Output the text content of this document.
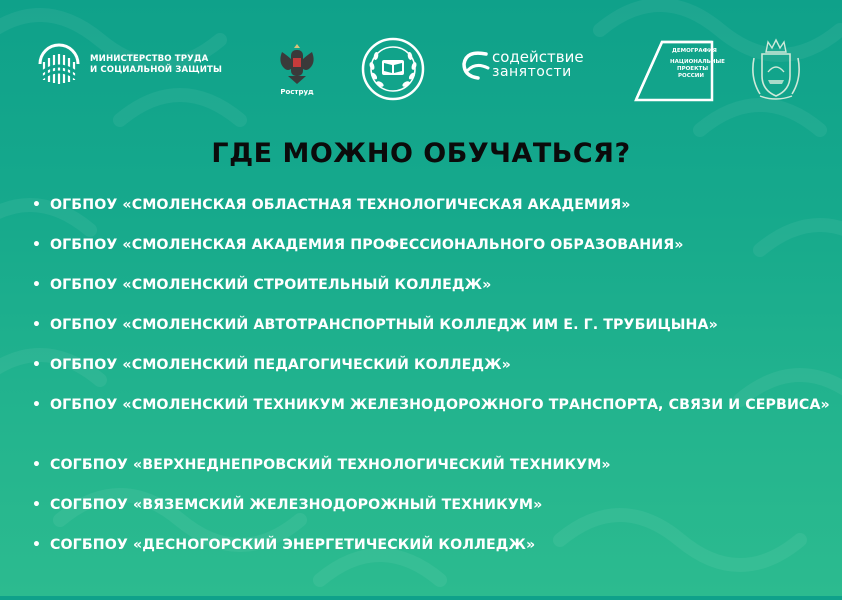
МИНИСТЕРСТВО ТРУДА
И СОЦИАЛЬНОЙ ЗАЩИТЫ
Роструд
содействие
занятости
ДЕМОГРАФИЯ
НАЦИОНАЛЬНЫЕ
ПРОЕКТЫ
РОССИИ
ГДЕ МОЖНО ОБУЧАТЬСЯ?
• ОГБПОУ «СМОЛЕНСКАЯ ОБЛАСТНАЯ ТЕХНОЛОГИЧЕСКАЯ АКАДЕМИЯ»
• ОГБПОУ «СМОЛЕНСКАЯ АКАДЕМИЯ ПРОФЕССИОНАЛЬНОГО ОБРАЗОВАНИЯ»
• ОГБПОУ «СМОЛЕНСКИЙ СТРОИТЕЛЬНЫЙ КОЛЛЕДЖ»
• ОГБПОУ «СМОЛЕНСКИЙ АВТОТРАНСПОРТНЫЙ КОЛЛЕДЖ ИМ Е. Г. ТРУБИЦЫНА»
• ОГБПОУ «СМОЛЕНСКИЙ ПЕДАГОГИЧЕСКИЙ КОЛЛЕДЖ»
• ОГБПОУ «СМОЛЕНСКИЙ ТЕХНИКУМ ЖЕЛЕЗНОДОРОЖНОГО ТРАНСПОРТА, СВЯЗИ И СЕРВИСА»
• СОГБПОУ «ВЕРХНЕДНЕПРОВСКИЙ ТЕХНОЛОГИЧЕСКИЙ ТЕХНИКУМ»
• СОГБПОУ «ВЯЗЕМСКИЙ ЖЕЛЕЗНОДОРОЖНЫЙ ТЕХНИКУМ»
• СОГБПОУ «ДЕСНОГОРСКИЙ ЭНЕРГЕТИЧЕСКИЙ КОЛЛЕДЖ»
